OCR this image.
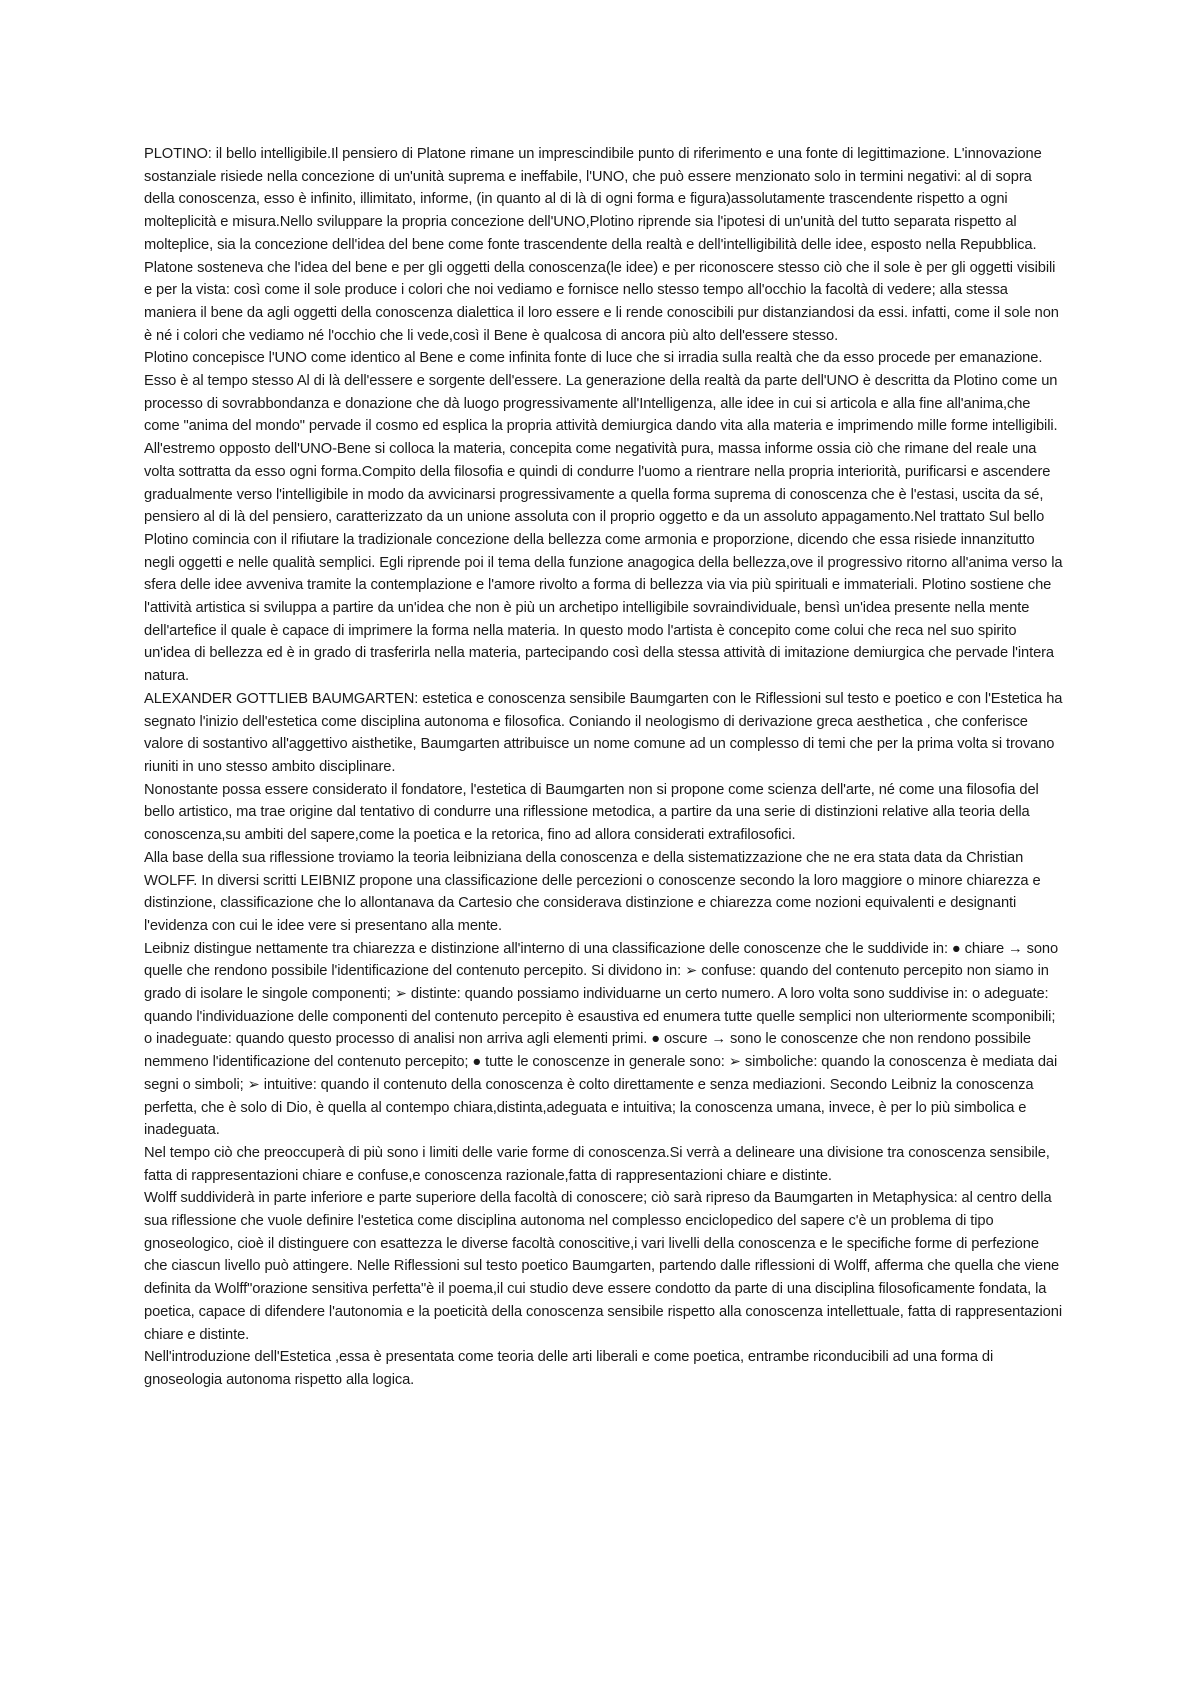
PLOTINO: il bello intelligibile.Il pensiero di Platone rimane un imprescindibile punto di riferimento e una fonte di legittimazione. L'innovazione sostanziale risiede nella concezione di un'unità suprema e ineffabile, l'UNO, che può essere menzionato solo in termini negativi: al di sopra della conoscenza, esso è infinito, illimitato, informe, (in quanto al di là di ogni forma e figura)assolutamente trascendente rispetto a ogni molteplicità e misura.Nello sviluppare la propria concezione dell'UNO,Plotino riprende sia l'ipotesi di un'unità del tutto separata rispetto al molteplice, sia la concezione dell'idea del bene come fonte trascendente della realtà e dell'intelligibilità delle idee, esposto nella Repubblica. Platone sosteneva che l'idea del bene e per gli oggetti della conoscenza(le idee) e per riconoscere stesso ciò che il sole è per gli oggetti visibili e per la vista: così come il sole produce i colori che noi vediamo e fornisce nello stesso tempo all'occhio la facoltà di vedere; alla stessa maniera il bene da agli oggetti della conoscenza dialettica il loro essere e li rende conoscibili pur distanziandosi da essi. infatti, come il sole non è né i colori che vediamo né l'occhio che li vede,così il Bene è qualcosa di ancora più alto dell'essere stesso.

Plotino concepisce l'UNO come identico al Bene e come infinita fonte di luce che si irradia sulla realtà che da esso procede per emanazione. Esso è al tempo stesso Al di là dell'essere e sorgente dell'essere. La generazione della realtà da parte dell'UNO è descritta da Plotino come un processo di sovrabbondanza e donazione che dà luogo progressivamente all'Intelligenza, alle idee in cui si articola e alla fine all'anima,che come "anima del mondo" pervade il cosmo ed esplica la propria attività demiurgica dando vita alla materia e imprimendo mille forme intelligibili. All'estremo opposto dell'UNO-Bene si colloca la materia, concepita come negatività pura, massa informe ossia ciò che rimane del reale una volta sottratta da esso ogni forma.Compito della filosofia e quindi di condurre l'uomo a rientrare nella propria interiorità, purificarsi e ascendere gradualmente verso l'intelligibile in modo da avvicinarsi progressivamente a quella forma suprema di conoscenza che è l'estasi, uscita da sé, pensiero al di là del pensiero, caratterizzato da un unione assoluta con il proprio oggetto e da un assoluto appagamento.Nel trattato Sul bello Plotino comincia con il rifiutare la tradizionale concezione della bellezza come armonia e proporzione, dicendo che essa risiede innanzitutto negli oggetti e nelle qualità semplici. Egli riprende poi il tema della funzione anagogica della bellezza,ove il progressivo ritorno all'anima verso la sfera delle idee avveniva tramite la contemplazione e l'amore rivolto a forma di bellezza via via più spirituali e immateriali. Plotino sostiene che l'attività artistica si sviluppa a partire da un'idea che non è più un archetipo intelligibile sovraindividuale, bensì un'idea presente nella mente dell'artefice il quale è capace di imprimere la forma nella materia. In questo modo l'artista è concepito come colui che reca nel suo spirito un'idea di bellezza ed è in grado di trasferirla nella materia, partecipando così della stessa attività di imitazione demiurgica che pervade l'intera natura.

ALEXANDER GOTTLIEB BAUMGARTEN: estetica e conoscenza sensibile Baumgarten con le Riflessioni sul testo e poetico e con l'Estetica ha segnato l'inizio dell'estetica come disciplina autonoma e filosofica. Coniando il neologismo di derivazione greca aesthetica , che conferisce valore di sostantivo all'aggettivo aisthetike, Baumgarten attribuisce un nome comune ad un complesso di temi che per la prima volta si trovano riuniti in uno stesso ambito disciplinare.

Nonostante possa essere considerato il fondatore, l'estetica di Baumgarten non si propone come scienza dell'arte, né come una filosofia del bello artistico, ma trae origine dal tentativo di condurre una riflessione metodica, a partire da una serie di distinzioni relative alla teoria della conoscenza,su ambiti del sapere,come la poetica e la retorica, fino ad allora considerati extrafilosofici.

Alla base della sua riflessione troviamo la teoria leibniziana della conoscenza e della sistematizzazione che ne era stata data da Christian WOLFF. In diversi scritti LEIBNIZ propone una classificazione delle percezioni o conoscenze secondo la loro maggiore o minore chiarezza e distinzione, classificazione che lo allontanava da Cartesio che considerava distinzione e chiarezza come nozioni equivalenti e designanti l'evidenza con cui le idee vere si presentano alla mente.

Leibniz distingue nettamente tra chiarezza e distinzione all'interno di una classificazione delle conoscenze che le suddivide in: ● chiare → sono quelle che rendono possibile l'identificazione del contenuto percepito. Si dividono in: ➢ confuse: quando del contenuto percepito non siamo in grado di isolare le singole componenti; ➢ distinte: quando possiamo individuarne un certo numero. A loro volta sono suddivise in: o adeguate: quando l'individuazione delle componenti del contenuto percepito è esaustiva ed enumera tutte quelle semplici non ulteriormente scomponibili; o inadeguate: quando questo processo di analisi non arriva agli elementi primi. ● oscure → sono le conoscenze che non rendono possibile nemmeno l'identificazione del contenuto percepito; ● tutte le conoscenze in generale sono: ➢ simboliche: quando la conoscenza è mediata dai segni o simboli; ➢ intuitive: quando il contenuto della conoscenza è colto direttamente e senza mediazioni. Secondo Leibniz la conoscenza perfetta, che è solo di Dio, è quella al contempo chiara,distinta,adeguata e intuitiva; la conoscenza umana, invece, è per lo più simbolica e inadeguata.

Nel tempo ciò che preoccuperà di più sono i limiti delle varie forme di conoscenza.Si verrà a delineare una divisione tra conoscenza sensibile, fatta di rappresentazioni chiare e confuse,e conoscenza razionale,fatta di rappresentazioni chiare e distinte.

Wolff suddividerà in parte inferiore e parte superiore della facoltà di conoscere; ciò sarà ripreso da Baumgarten in Metaphysica: al centro della sua riflessione che vuole definire l'estetica come disciplina autonoma nel complesso enciclopedico del sapere c'è un problema di tipo gnoseologico, cioè il distinguere con esattezza le diverse facoltà conoscitive,i vari livelli della conoscenza e le specifiche forme di perfezione che ciascun livello può attingere. Nelle Riflessioni sul testo poetico Baumgarten, partendo dalle riflessioni di Wolff, afferma che quella che viene definita da Wolff"orazione sensitiva perfetta"è il poema,il cui studio deve essere condotto da parte di una disciplina filosoficamente fondata, la poetica, capace di difendere l'autonomia e la poeticità della conoscenza sensibile rispetto alla conoscenza intellettuale, fatta di rappresentazioni chiare e distinte.

Nell'introduzione dell'Estetica ,essa è presentata come teoria delle arti liberali e come poetica, entrambe riconducibili ad una forma di gnoseologia autonoma rispetto alla logica.
